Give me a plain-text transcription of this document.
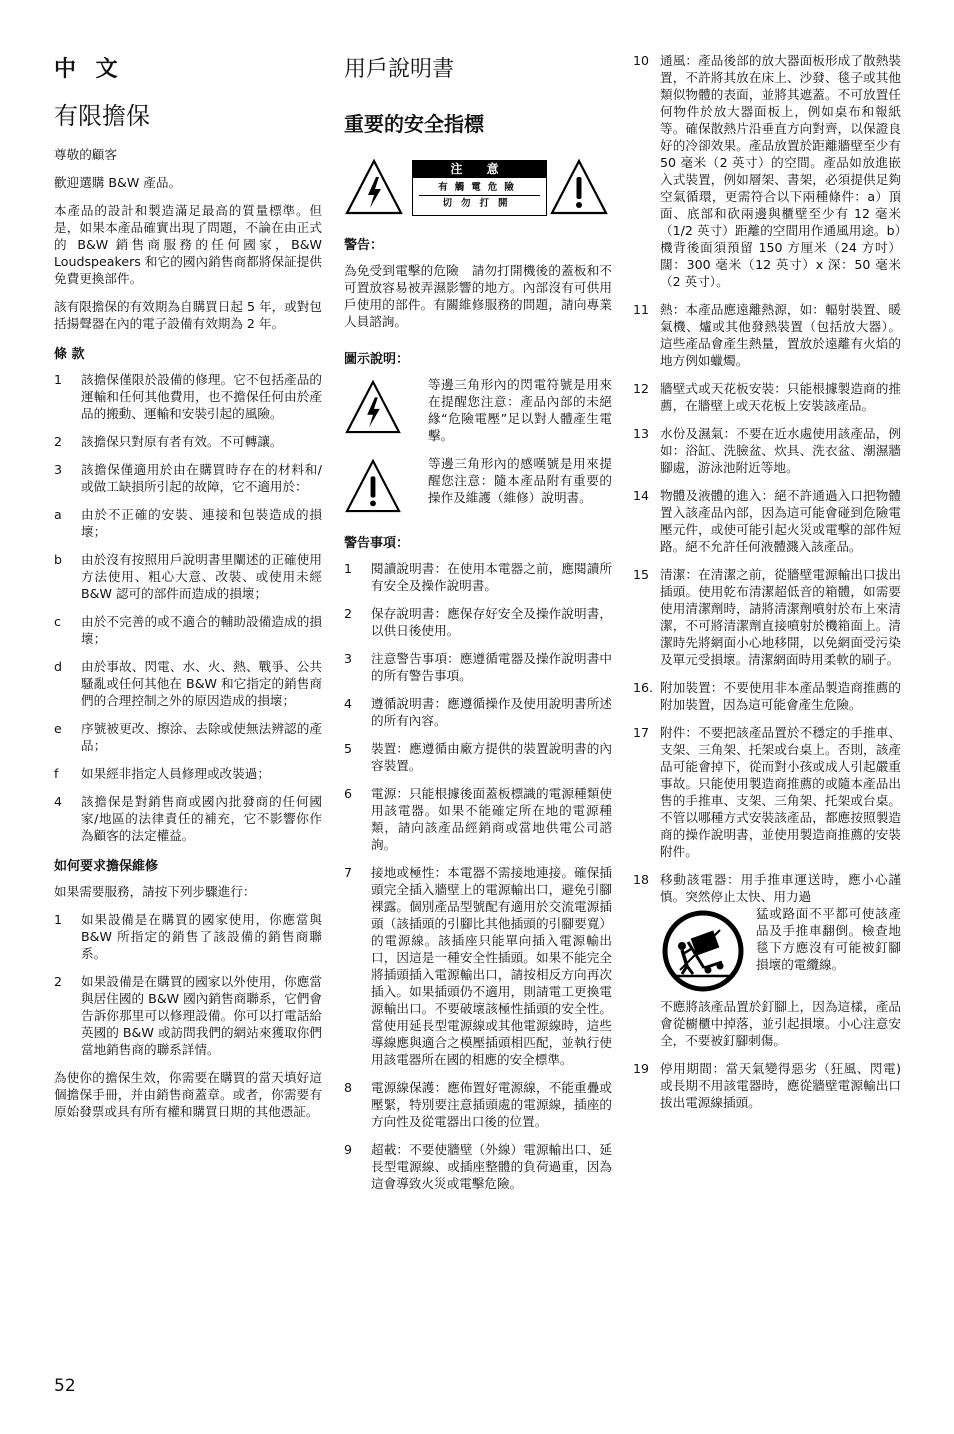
中 文
有限擔保

尊敬的顧客

歡迎選購 B&W 產品。

本產品的設計和製造滿足最高的質量標準。但是，如果本產品確實出現了問題，不論在由正式的 B&W 銷售商服務的任何國家，B&W Loudspeakers 和它的國內銷售商都將保証提供免費更換部件。

該有限擔保的有效期為自購買日起 5 年，或對包括揚聲器在內的電子設備有效期為 2 年。

條 款
1	該擔保僅限於設備的修理。它不包括產品的運輸和任何其他費用，也不擔保任何由於產品的搬動、運輸和安裝引起的風險。
2	該擔保只對原有者有效。不可轉讓。
3	該擔保僅適用於由在購買時存在的材料和/或做工缺損所引起的故障，它不適用於：
a	由於不正確的安裝、連接和包裝造成的損壞；
b	由於沒有按照用戶說明書里闡述的正確使用方法使用、粗心大意、改裝、或使用未經 B&W 認可的部件而造成的損壞；
c	由於不完善的或不適合的輔助設備造成的損壞；
d	由於事故、閃電、水、火、熱、戰爭、公共騷亂或任何其他在 B&W 和它指定的銷售商們的合理控制之外的原因造成的損壞；
e	序號被更改、擦涂、去除或使無法辨認的產品；
f	如果經非指定人員修理或改裝過；
4	該擔保是對銷售商或國內批發商的任何國家/地區的法律責任的補充，它不影響你作為顧客的法定權益。
如何要求擔保維修

如果需要服務，請按下列步驟進行：

1	如果設備是在購買的國家使用，你應當與 B&W 所指定的銷售了該設備的銷售商聯系。
2	如果設備是在購買的國家以外使用，你應當與居住國的 B&W 國內銷售商聯系，它們會告訴你那里可以修理設備。你可以打電話給英國的 B&W 或訪問我們的網站來獲取你們當地銷售商的聯系詳情。

為使你的擔保生效，你需要在購買的當天填好這個擔保手冊，并由銷售商蓋章。或者，你需要有原始發票或具有所有權和購買日期的其他憑証。

用戶說明書
重要的安全指標
注 意
有觸電危險
切勿打開
警告：

為免受到電擊的危險　請勿打開機後的蓋板和不可置放容易被弄濕影響的地方。內部沒有可供用戶使用的部件。有關維修服務的問題，請向專業人員諮詢。

圖示說明：
等邊三角形內的閃電符號是用來在提醒您注意：產品內部的未絕緣“危險電壓”足以對人體產生電擊。
等邊三角形內的感嘆號是用來提醒您注意：隨本產品附有重要的操作及維護（維修）說明書。
警告事項：
1	閱讀說明書：在使用本電器之前，應閱讀所有安全及操作說明書。
2	保存說明書：應保存好安全及操作說明書，以供日後使用。
3	注意警告事項：應遵循電器及操作說明書中的所有警告事項。
4	遵循說明書：應遵循操作及使用說明書所述的所有內容。
5	裝置：應遵循由廠方提供的裝置說明書的內容裝置。
6	電源：只能根據後面蓋板標識的電源種類使用該電器。如果不能確定所在地的電源種類，請向該產品經銷商或當地供電公司諮詢。
7	接地或極性：本電器不需接地連接。確保插頭完全插入牆壁上的電源輸出口，避免引腳裸露。個別產品型號配有適用於交流電源插頭（該插頭的引腳比其他插頭的引腳要寬）的電源線。該插座只能單向插入電源輸出口，因這是一種安全性插頭。如果不能完全將插頭插入電源輸出口，請按相反方向再次插入。如果插頭仍不適用，則請電工更換電源輸出口。不要破壞該極性插頭的安全性。當使用延長型電源線或其他電源線時，這些導線應與適合之模壓插頭相匹配，並執行使用該電器所在國的相應的安全標準。
8	電源線保護：應佈置好電源線，不能重疊或壓緊，特別要注意插頭處的電源線，插座的方向性及從電器出口後的位置。
9	超載：不要使牆壁（外線）電源輸出口、延長型電源線、或插座整體的負荷過重，因為這會導致火災或電擊危險。
10 通風：產品後部的放大器面板形成了散熱裝置，不許將其放在床上、沙發、毯子或其他類似物體的表面，並將其遮蓋。不可放置任何物件於放大器面板上，例如桌布和報紙等。確保散熱片沿垂直方向對齊，以保證良好的冷卻效果。產品放置於距離牆壁至少有 50 毫米（2 英寸）的空間。產品如放進嵌入式裝置，例如層架、書架，必須提供足夠空氣循環，更需符合以下兩種條件：a）頂面、底部和砍兩邊與櫃壁至少有 12 毫米（1/2 英寸）距離的空間用作通風用途。b）機背後面須預留 150 方厘米（24 方吋）闊：300 毫米（12 英寸）x 深：50 毫米（2 英寸）。
11 熱：本產品應遠離熱源，如：輻射裝置、暖氣機、爐或其他發熱裝置（包括放大器）。這些產品會產生熱量，置放於遠離有火焰的地方例如蠟燭。
12 牆壁式或天花板安裝：只能根據製造商的推薦，在牆壁上或天花板上安裝該產品。
13 水份及濕氣：不要在近水處使用該產品，例如：浴缸、洗臉盆、炊具、洗衣盆、潮濕牆腳處，游泳池附近等地。
14 物體及液體的進入：絕不許通過入口把物體置入該產品內部，因為這可能會碰到危險電壓元件，或使可能引起火災或電擊的部件短路。絕不允許任何液體濺入該產品。
15 清潔：在清潔之前，從牆壁電源輸出口拔出插頭。使用乾布清潔超低音的箱體，如需要使用清潔劑時，請將清潔劑噴射於布上來清潔，不可將清潔劑直接噴射於機箱面上。清潔時先將網面小心地移開，以免網面受污染及單元受損壞。清潔網面時用柔軟的刷子。
16. 附加裝置：不要使用非本產品製造商推薦的附加裝置，因為這可能會產生危險。
17 附件：不要把該產品置於不穩定的手推車、支架、三角架、托架或台桌上。否則，該產品可能會掉下，從而對小孩或成人引起嚴重事故。只能使用製造商推薦的或隨本產品出售的手推車、支架、三角架、托架或台桌。不管以哪種方式安裝該產品，都應按照製造商的操作說明書，並使用製造商推薦的安裝附件。
18 移動該電器：用手推車運送時，應小心謹慎。突然停止太快、用力過
猛或路面不平都可使該產品及手推車翻倒。檢查地毯下方應沒有可能被釘腳損壞的電纜線。
不應將該產品置於釘腳上，因為這樣，產品會從櫥櫃中掉落，並引起損壞。小心注意安全，不要被釘腳刺傷。
19 停用期間：當天氣變得惡劣（狂風、閃電)或長期不用該電器時，應從牆壁電源輸出口拔出電源線插頭。
52
